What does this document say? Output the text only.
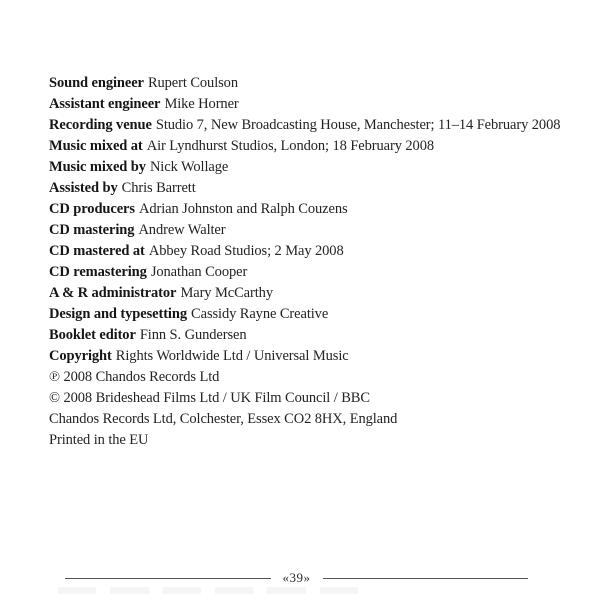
Sound engineer Rupert Coulson
Assistant engineer Mike Horner
Recording venue Studio 7, New Broadcasting House, Manchester; 11–14 February 2008
Music mixed at Air Lyndhurst Studios, London; 18 February 2008
Music mixed by Nick Wollage
Assisted by Chris Barrett
CD producers Adrian Johnston and Ralph Couzens
CD mastering Andrew Walter
CD mastered at Abbey Road Studios; 2 May 2008
CD remastering Jonathan Cooper
A & R administrator Mary McCarthy
Design and typesetting Cassidy Rayne Creative
Booklet editor Finn S. Gundersen
Copyright Rights Worldwide Ltd / Universal Music
℗ 2008 Chandos Records Ltd
© 2008 Brideshead Films Ltd / UK Film Council / BBC
Chandos Records Ltd, Colchester, Essex CO2 8HX, England
Printed in the EU
«39»
